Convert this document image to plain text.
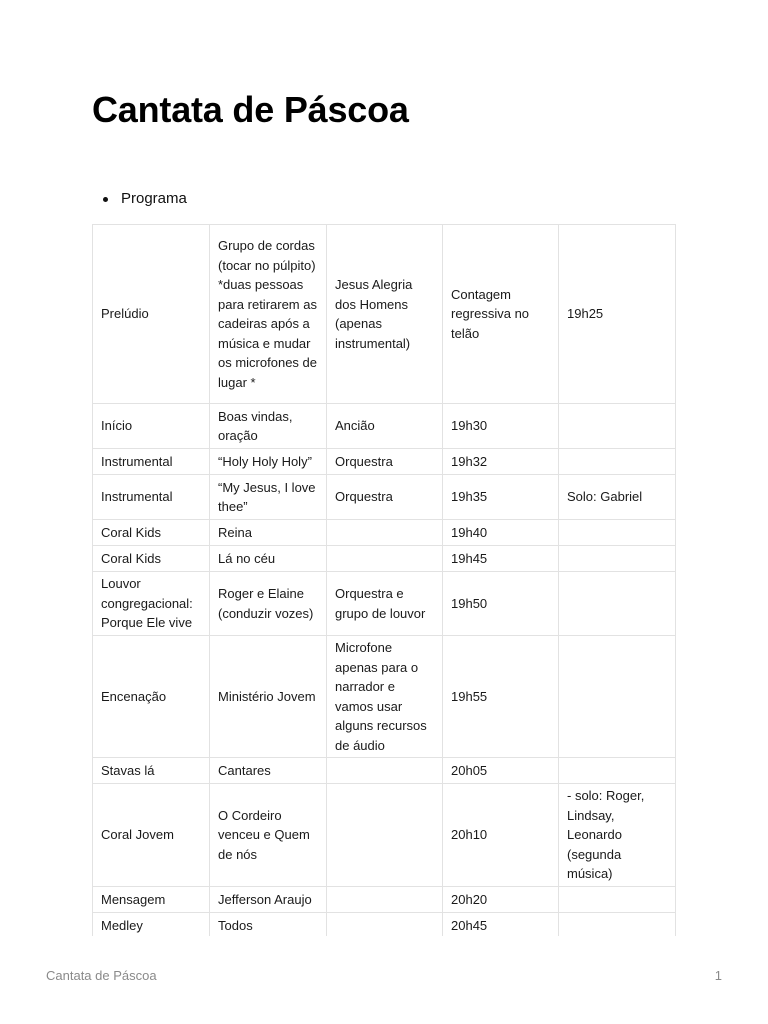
Cantata de Páscoa
Programa
Prelúdio	Grupo de cordas (tocar no púlpito) *duas pessoas para retirarem as cadeiras após a música e mudar os microfones de lugar *	Jesus Alegria dos Homens (apenas instrumental)	Contagem regressiva no telão	19h25
Início	Boas vindas, oração	Ancião	19h30	
Instrumental	“Holy Holy Holy”	Orquestra	19h32	
Instrumental	“My Jesus, I love thee”	Orquestra	19h35	Solo: Gabriel
Coral Kids	Reina		19h40	
Coral Kids	Lá no céu		19h45	
Louvor congregacional: Porque Ele vive	Roger e Elaine (conduzir vozes)	Orquestra e grupo de louvor	19h50	
Encenação	Ministério Jovem	Microfone apenas para o narrador e vamos usar alguns recursos de áudio	19h55	
Stavas lá	Cantares		20h05	
Coral Jovem	O Cordeiro venceu e Quem de nós		20h10	- solo: Roger, Lindsay, Leonardo (segunda música)
Mensagem	Jefferson Araujo		20h20	
Medley	Todos		20h45	
Cantata de Páscoa	1
